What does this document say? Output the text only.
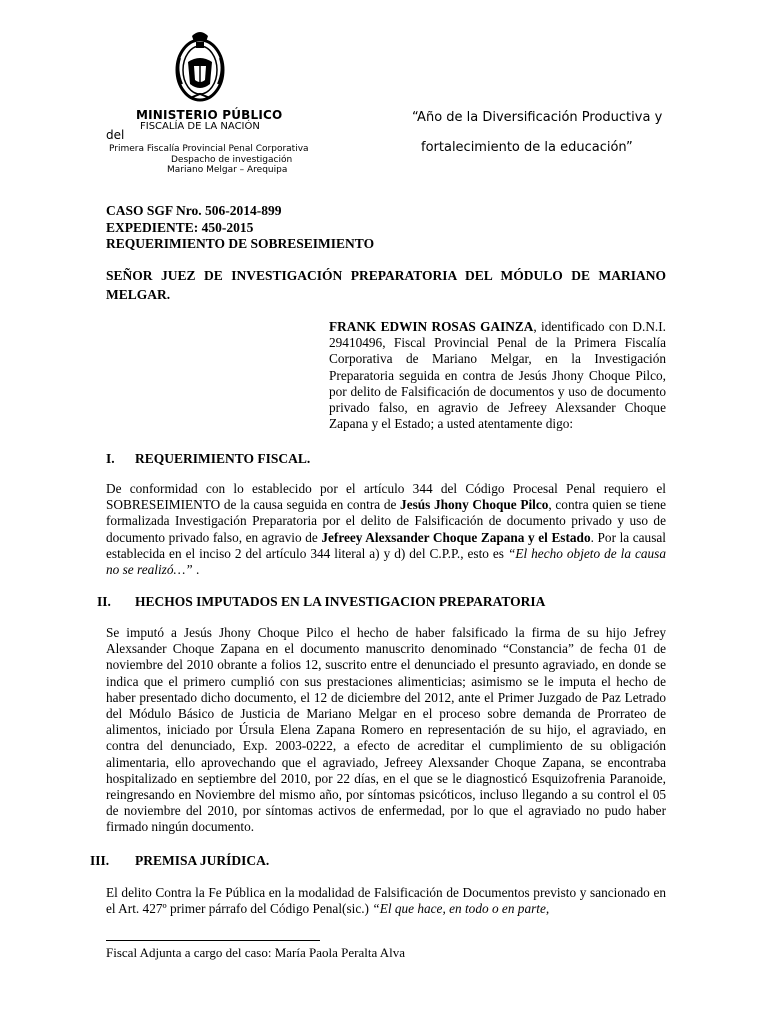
MINISTERIO PÚBLICO
FISCALÍA DE LA NACIÓN
del
Primera Fiscalía Provincial Penal Corporativa
Despacho de investigación
Mariano Melgar – Arequipa
“Año de la Diversificación Productiva y
fortalecimiento de la educación”
CASO SGF Nro. 506-2014-899
EXPEDIENTE: 450-2015
REQUERIMIENTO DE SOBRESEIMIENTO
SEÑOR JUEZ DE INVESTIGACIÓN PREPARATORIA DEL MÓDULO DE MARIANO
MELGAR.
FRANK EDWIN ROSAS GAINZA, identificado con D.N.I. 29410496, Fiscal Provincial Penal de la Primera Fiscalía Corporativa de Mariano Melgar, en la Investigación Preparatoria seguida en contra de Jesús Jhony Choque Pilco, por delito de Falsificación de documentos y uso de documento privado falso, en agravio de Jefreey Alexsander Choque Zapana y el Estado; a usted atentamente digo:
I. REQUERIMIENTO FISCAL.
De conformidad con lo establecido por el artículo 344 del Código Procesal Penal requiero el SOBRESEIMIENTO de la causa seguida en contra de Jesús Jhony Choque Pilco, contra quien se tiene formalizada Investigación Preparatoria por el delito de Falsificación de documento privado y uso de documento privado falso, en agravio de Jefreey Alexsander Choque Zapana y el Estado. Por la causal establecida en el inciso 2 del artículo 344 literal a) y d) del C.P.P., esto es “El hecho objeto de la causa no se realizó…” .
II. HECHOS IMPUTADOS EN LA INVESTIGACION PREPARATORIA
Se imputó a Jesús Jhony Choque Pilco el hecho de haber falsificado la firma de su hijo Jefrey Alexsander Choque Zapana en el documento manuscrito denominado “Constancia” de fecha 01 de noviembre del 2010 obrante a folios 12, suscrito entre el denunciado el presunto agraviado, en donde se indica que el primero cumplió con sus prestaciones alimenticias; asimismo se le imputa el hecho de haber presentado dicho documento, el 12 de diciembre del 2012, ante el Primer Juzgado de Paz Letrado del Módulo Básico de Justicia de Mariano Melgar en el proceso sobre demanda de Prorrateo de alimentos, iniciado por Úrsula Elena Zapana Romero en representación de su hijo, el agraviado, en contra del denunciado, Exp. 2003-0222, a efecto de acreditar el cumplimiento de su obligación alimentaria, ello aprovechando que el agraviado, Jefreey Alexsander Choque Zapana, se encontraba hospitalizado en septiembre del 2010, por 22 días, en el que se le diagnosticó Esquizofrenia Paranoide, reingresando en Noviembre del mismo año, por síntomas psicóticos, incluso llegando a su control el 05 de noviembre del 2010, por síntomas activos de enfermedad, por lo que el agraviado no pudo haber firmado ningún documento.
III. PREMISA JURÍDICA.
El delito Contra la Fe Pública en la modalidad de Falsificación de Documentos previsto y sancionado en el Art. 427º primer párrafo del Código Penal(sic.) “El que hace, en todo o en parte,
Fiscal Adjunta a cargo del caso: María Paola Peralta Alva
